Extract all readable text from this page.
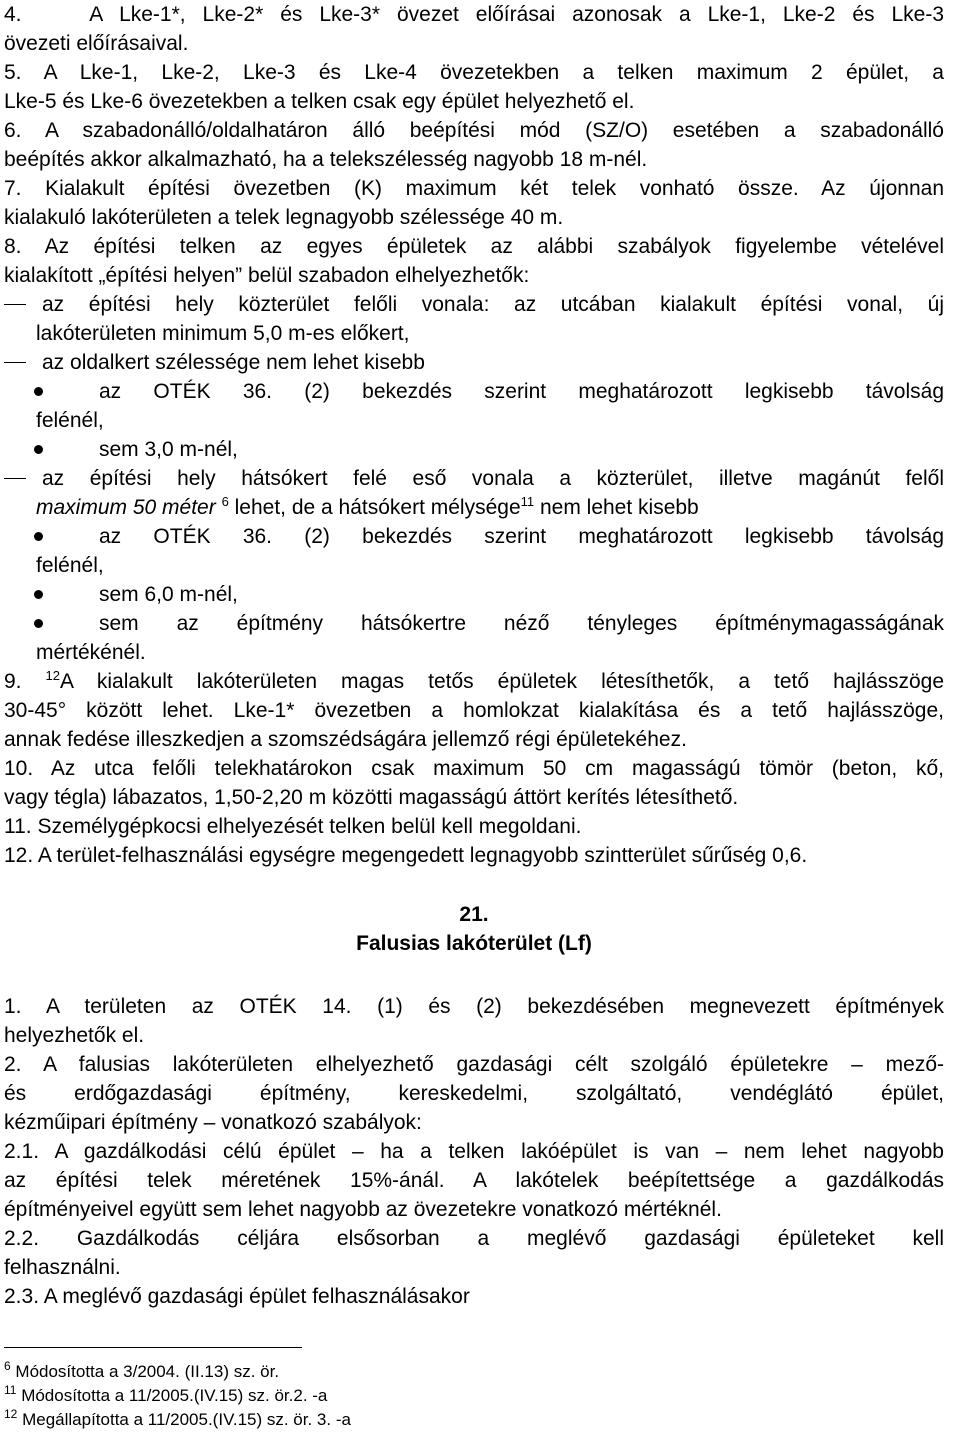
4.    A Lke-1*, Lke-2* és Lke-3* övezet előírásai azonosak a Lke-1, Lke-2 és Lke-3
övezeti előírásaival.

5. A Lke-1, Lke-2, Lke-3 és Lke-4 övezetekben a telken maximum 2 épület, a
Lke-5 és Lke-6 övezetekben a telken csak egy épület helyezhető el.

6. A szabadonálló/oldalhatáron álló beépítési mód (SZ/O) esetében a szabadonálló
beépítés akkor alkalmazható, ha a telekszélesség nagyobb 18 m-nél.

7. Kialakult építési övezetben (K) maximum két telek vonható össze. Az újonnan
kialakuló lakóterületen a telek legnagyobb szélessége 40 m.

8. Az építési telken az egyes épületek az alábbi szabályok figyelembe vételével
kialakított „építési helyen” belül szabadon elhelyezhetők:

az építési hely közterület felőli vonala: az utcában kialakult építési vonal, új
lakóterületen minimum 5,0 m-es előkert,
az oldalkert szélessége nem lehet kisebb
az OTÉK 36. (2) bekezdés szerint meghatározott legkisebb távolság
felénél,
sem 3,0 m-nél,
az építési hely hátsókert felé eső vonala a közterület, illetve magánút felől
maximum 50 méter $^6$ lehet, de a hátsókert mélysége$^{11}$ nem lehet kisebb
az OTÉK 36. (2) bekezdés szerint meghatározott legkisebb távolság
felénél,
sem 6,0 m-nél,
sem az építmény hátsókertre néző tényleges építménymagasságának
mértékénél.

9. $^{12}$A kialakult lakóterületen magas tetős épületek létesíthetők, a tető hajlásszöge
30-45° között lehet. Lke-1* övezetben a homlokzat kialakítása és a tető hajlásszöge,
annak fedése illeszkedjen a szomszédságára jellemző régi épületekéhez.

10. Az utca felőli telekhatárokon csak maximum 50 cm magasságú tömör (beton, kő,
vagy tégla) lábazatos, 1,50-2,20 m közötti magasságú áttört kerítés létesíthető.

11. Személygépkocsi elhelyezését telken belül kell megoldani.

12. A terület-felhasználási egységre megengedett legnagyobb szintterület sűrűség 0,6.

21.

Falusias lakóterület (Lf)

1. A területen az OTÉK 14. (1) és (2) bekezdésében megnevezett építmények
helyezhetők el.

2. A falusias lakóterületen elhelyezhető gazdasági célt szolgáló épületekre – mező-
és erdőgazdasági építmény, kereskedelmi, szolgáltató, vendéglátó épület,
kézműipari építmény – vonatkozó szabályok:

2.1. A gazdálkodási célú épület – ha a telken lakóépület is van – nem lehet nagyobb
az építési telek méretének 15%-ánál. A lakótelek beépítettsége a gazdálkodás
építményeivel együtt sem lehet nagyobb az övezetekre vonatkozó mértéknél.

2.2. Gazdálkodás céljára elsősorban a meglévő gazdasági épületeket kell
felhasználni.

2.3. A meglévő gazdasági épület felhasználásakor

$^6$ Módosította a 3/2004. (II.13) sz. ör.

$^{11}$ Módosította a 11/2005.(IV.15) sz. ör.2. -a

$^{12}$ Megállapította a 11/2005.(IV.15) sz. ör. 3. -a
